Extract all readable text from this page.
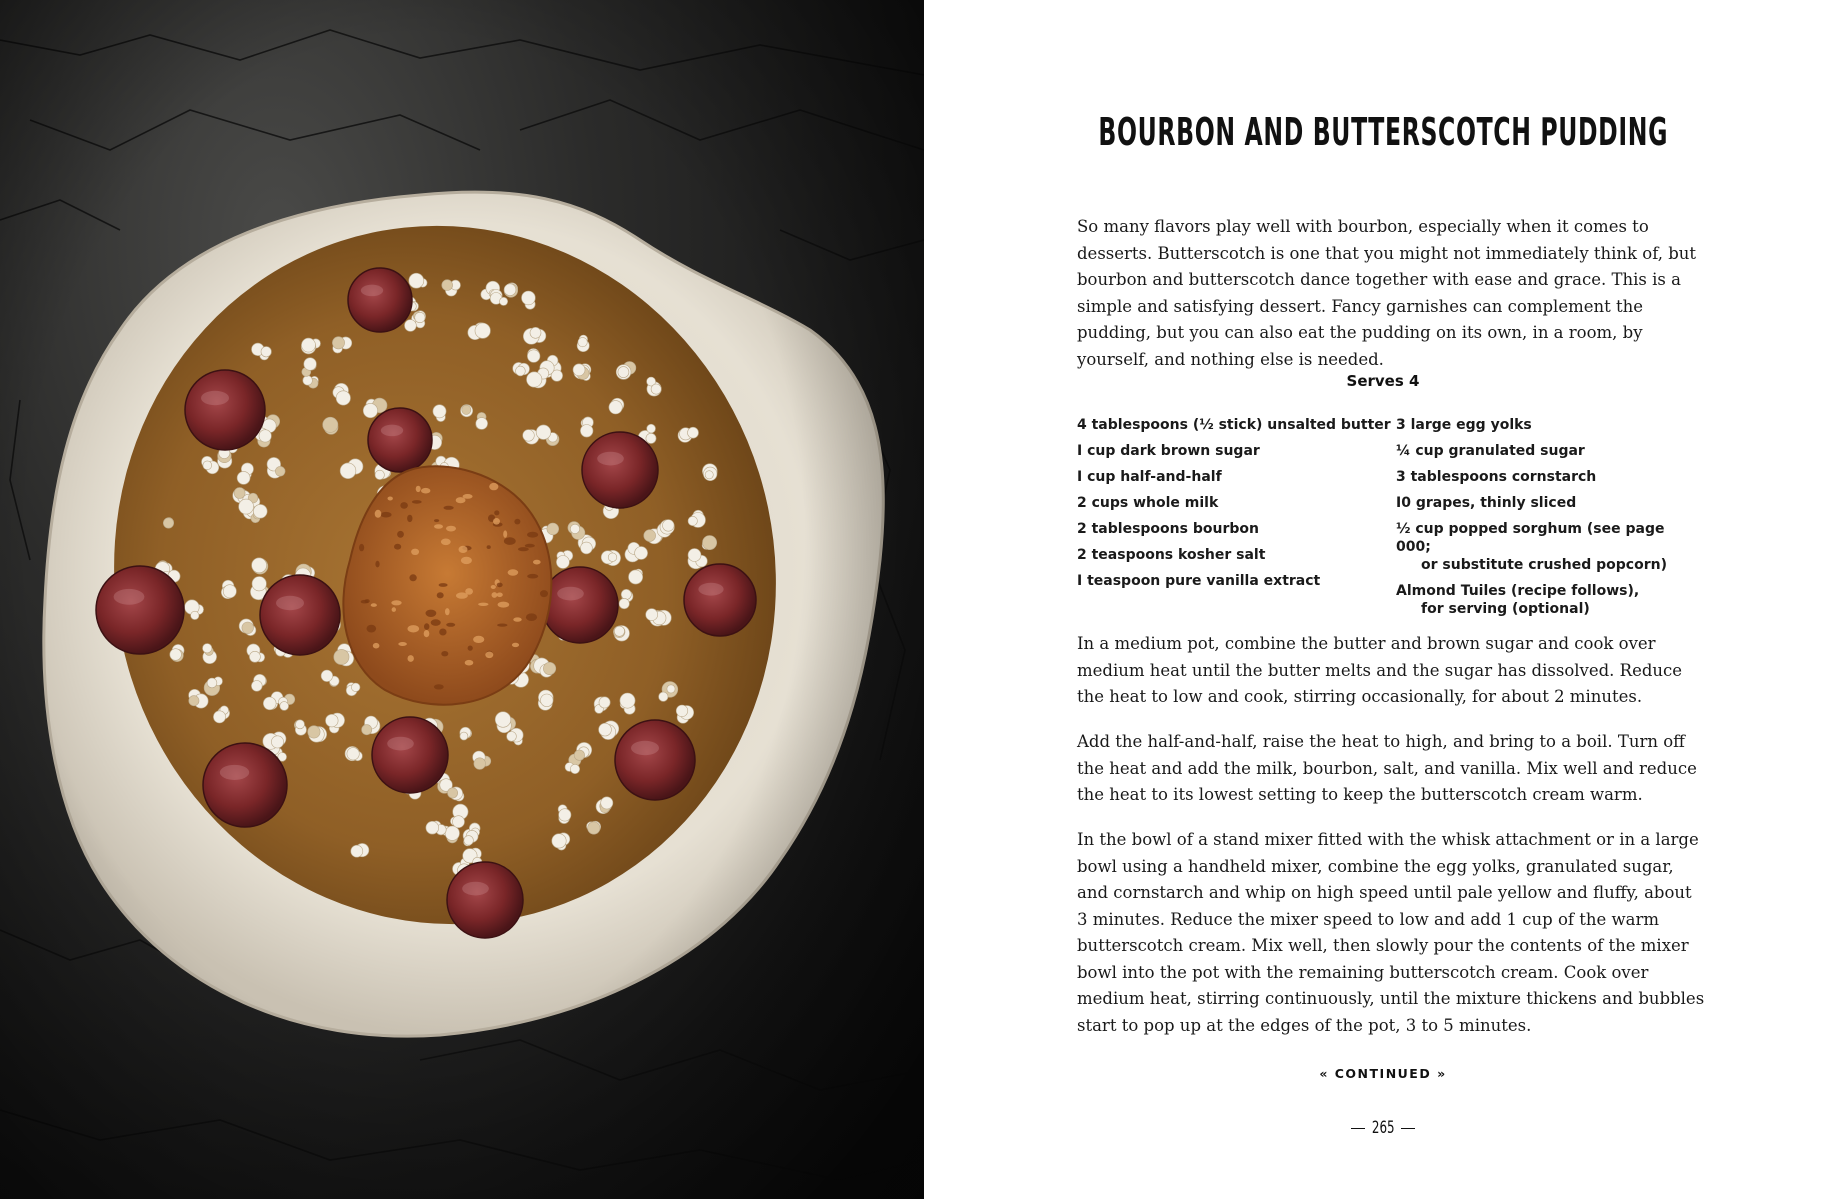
BOURBON AND BUTTERSCOTCH PUDDING

So many flavors play well with bourbon, especially when it comes to desserts. Butterscotch is one that you might not immediately think of, but bourbon and butterscotch dance together with ease and grace. This is a simple and satisfying dessert. Fancy garnishes can complement the pudding, but you can also eat the pudding on its own, in a room, by yourself, and nothing else is needed.

Serves 4
4 tablespoons (½ stick) unsalted butter
I cup dark brown sugar
I cup half-and-half
2 cups whole milk
2 tablespoons bourbon
2 teaspoons kosher salt
I teaspoon pure vanilla extract
3 large egg yolks
¼ cup granulated sugar
3 tablespoons cornstarch
I0 grapes, thinly sliced
½ cup popped sorghum (see page 000;
or substitute crushed popcorn)
Almond Tuiles (recipe follows),
for serving (optional)

In a medium pot, combine the butter and brown sugar and cook over medium heat until the butter melts and the sugar has dissolved. Reduce the heat to low and cook, stirring occasionally, for about 2 minutes.

Add the half-and-half, raise the heat to high, and bring to a boil. Turn off the heat and add the milk, bourbon, salt, and vanilla. Mix well and reduce the heat to its lowest setting to keep the butterscotch cream warm.

In the bowl of a stand mixer fitted with the whisk attachment or in a large bowl using a handheld mixer, combine the egg yolks, granulated sugar, and cornstarch and whip on high speed until pale yellow and fluffy, about 3 minutes. Reduce the mixer speed to low and add 1 cup of the warm butterscotch cream. Mix well, then slowly pour the contents of the mixer bowl into the pot with the remaining butterscotch cream. Cook over medium heat, stirring continuously, until the mixture thickens and bubbles start to pop up at the edges of the pot, 3 to 5 minutes.

« CONTINUED »
265
